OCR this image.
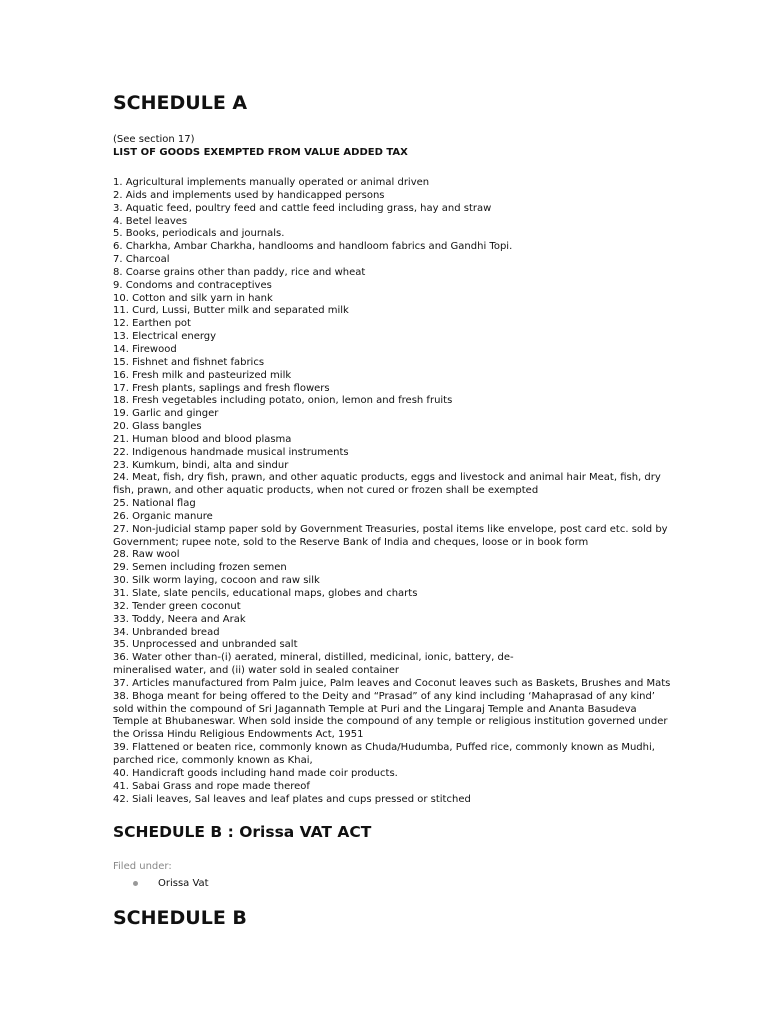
SCHEDULE A
(See section 17)
LIST OF GOODS EXEMPTED FROM VALUE ADDED TAX
1. Agricultural implements manually operated or animal driven
2. Aids and implements used by handicapped persons
3. Aquatic feed, poultry feed and cattle feed including grass, hay and straw
4. Betel leaves
5. Books, periodicals and journals.
6. Charkha, Ambar Charkha, handlooms and handloom fabrics and Gandhi Topi.
7. Charcoal
8. Coarse grains other than paddy, rice and wheat
9. Condoms and contraceptives
10. Cotton and silk yarn in hank
11. Curd, Lussi, Butter milk and separated milk
12. Earthen pot
13. Electrical energy
14. Firewood
15. Fishnet and fishnet fabrics
16. Fresh milk and pasteurized milk
17. Fresh plants, saplings and fresh flowers
18. Fresh vegetables including potato, onion, lemon and fresh fruits
19. Garlic and ginger
20. Glass bangles
21. Human blood and blood plasma
22. Indigenous handmade musical instruments
23. Kumkum, bindi, alta and sindur
24. Meat, fish, dry fish, prawn, and other aquatic products, eggs and livestock and animal hair Meat, fish, dry fish, prawn, and other aquatic products, when not cured or frozen shall be exempted
25. National flag
26. Organic manure
27. Non-judicial stamp paper sold by Government Treasuries, postal items like envelope, post card etc. sold by Government; rupee note, sold to the Reserve Bank of India and cheques, loose or in book form
28. Raw wool
29. Semen including frozen semen
30. Silk worm laying, cocoon and raw silk
31. Slate, slate pencils, educational maps, globes and charts
32. Tender green coconut
33. Toddy, Neera and Arak
34. Unbranded bread
35. Unprocessed and unbranded salt
36. Water other than-(i) aerated, mineral, distilled, medicinal, ionic, battery, de-
mineralised water, and (ii) water sold in sealed container
37. Articles manufactured from Palm juice, Palm leaves and Coconut leaves such as Baskets, Brushes and Mats
38. Bhoga meant for being offered to the Deity and “Prasad” of any kind including ‘Mahaprasad of any kind’ sold within the compound of Sri Jagannath Temple at Puri and the Lingaraj Temple and Ananta Basudeva Temple at Bhubaneswar. When sold inside the compound of any temple or religious institution governed under the Orissa Hindu Religious Endowments Act, 1951
39. Flattened or beaten rice, commonly known as Chuda/Hudumba, Puffed rice, commonly known as Mudhi, parched rice, commonly known as Khai,
40. Handicraft goods including hand made coir products.
41. Sabai Grass and rope made thereof
42. Siali leaves, Sal leaves and leaf plates and cups pressed or stitched
SCHEDULE B : Orissa VAT ACT
Filed under:
Orissa Vat
SCHEDULE B
